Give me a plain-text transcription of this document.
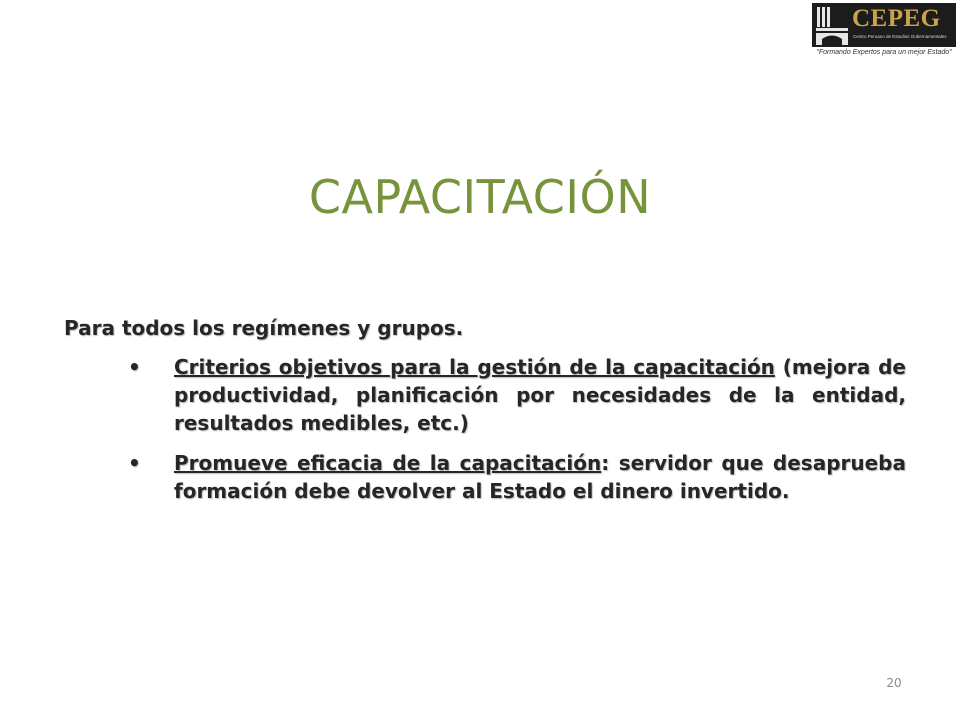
CEPEG
Centro Peruano de Estudios Gubernamentales
"Formando Expertos para un mejor Estado"
CAPACITACIÓN

Para todos los regímenes y grupos.

• Criterios objetivos para la gestión de la capacitación (mejora de productividad, planificación por necesidades de la entidad, resultados medibles, etc.)
• Promueve eficacia de la capacitación: servidor que desaprueba formación debe devolver al Estado el dinero invertido.
20
